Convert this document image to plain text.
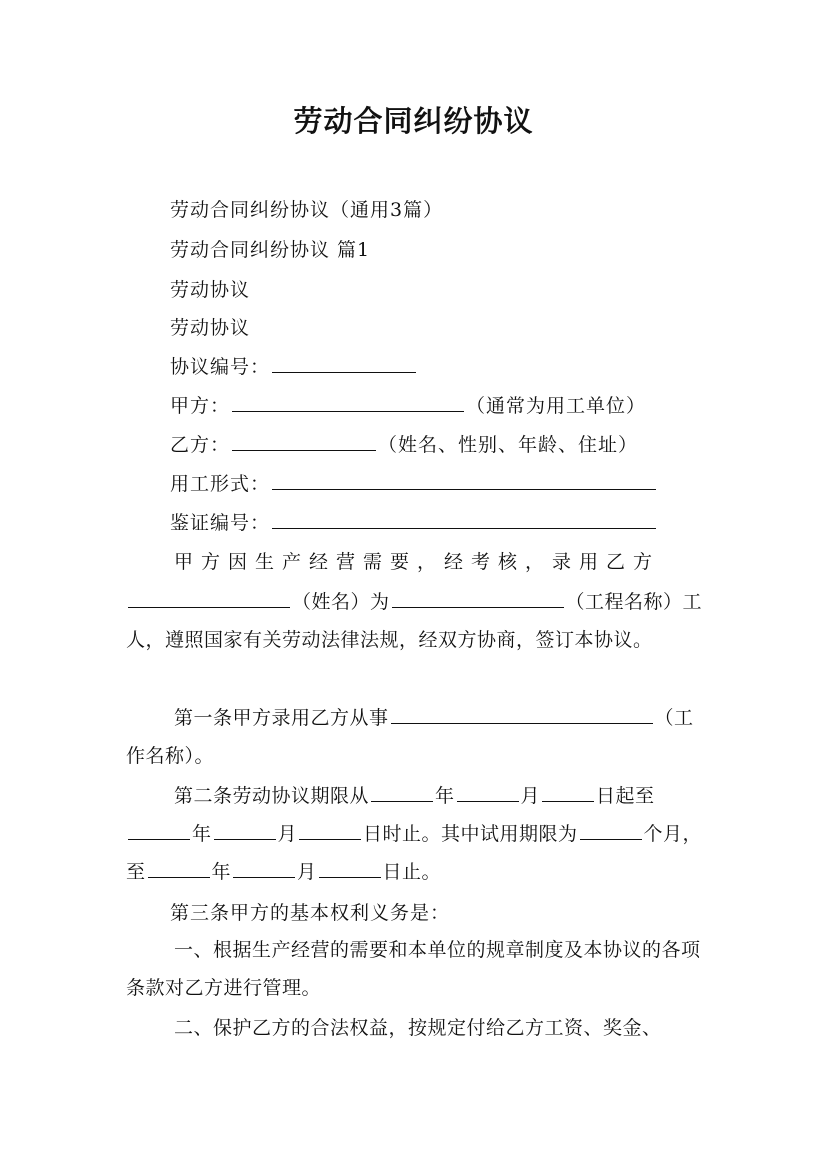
劳动合同纠纷协议
劳动合同纠纷协议（通用3篇）
劳动合同纠纷协议 篇1
劳动协议
劳动协议
协议编号：
甲方：	（通常为用工单位）
乙方：	（姓名、性别、年龄、住址）
用工形式：
鉴证编号：
甲方因生产经营需要，经考核，录用乙方
（姓名）为	（工程名称）工人，遵照国家有关劳动法律法规，经双方协商，签订本协议。
第一条甲方录用乙方从事	（工作名称）。
第二条劳动协议期限从	年	月	日起至年	月	日时止。其中试用期限为	个月，至	年	月	日止。
第三条甲方的基本权利义务是：
一、根据生产经营的需要和本单位的规章制度及本协议的各项条款对乙方进行管理。
二、保护乙方的合法权益，按规定付给乙方工资、奖金、
